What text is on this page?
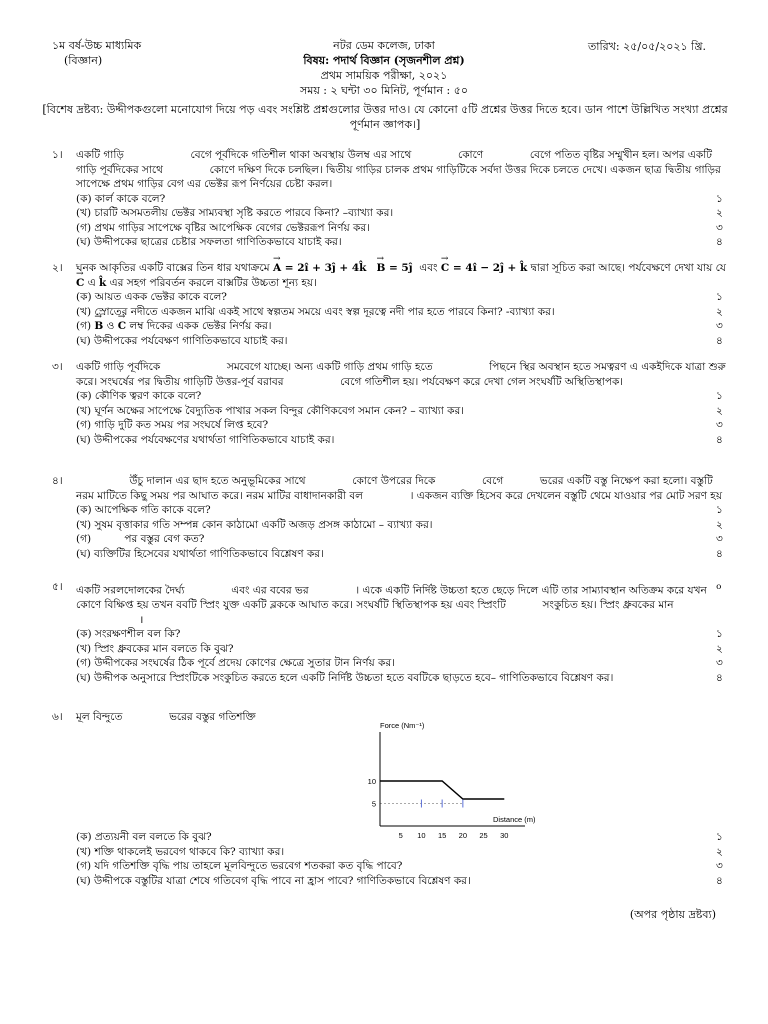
১ম বর্ষ-উচ্চ মাধ্যমিক
(বিজ্ঞান)
নটর ডেম কলেজ, ঢাকা
বিষয়: পদার্থ বিজ্ঞান (সৃজনশীল প্রশ্ন)
প্রথম সাময়িক পরীক্ষা, ২০২১
সময় : ২ ঘন্টা ৩০ মিনিট, পূর্ণমান : ৫০
তারিখ: ২৫/০৫/২০২১ খ্রি.
[বিশেষ দ্রষ্টব্য: উদ্দীপকগুলো মনোযোগ দিয়ে পড় এবং সংশ্লিষ্ট প্রশ্নগুলোর উত্তর দাও। যে কোনো ৫টি প্রশ্নের উত্তর দিতে হবে। ডান পাশে উল্লিখিত সংখ্যা প্রশ্নের পূর্ণমান জ্ঞাপক।]
১।	একটি গাড়ি	বেগে পূর্বদিকে গতিশীল থাকা অবস্থায় উলম্ব এর সাথে	কোণে	বেগে পতিত বৃষ্টির সম্মুখীন হল। অপর একটি গাড়ি পূর্বদিকের সাথে	কোণে দক্ষিণ দিকে চলছিল। দ্বিতীয় গাড়ির চালক প্রথম গাড়িটিকে সর্বদা উত্তর দিকে চলতে দেখে। একজন ছাত্র দ্বিতীয় গাড়ির সাপেক্ষে প্রথম গাড়ির বেগ এর ভেক্টর রূপ নির্ণয়ের চেষ্টা করল।
(ক) কার্ল কাকে বলে?	১
(খ) চারটি অসমতলীয় ভেক্টর সাম্যবস্থা সৃষ্টি করতে পারবে কিনা? –ব্যাখ্যা কর।	২
(গ) প্রথম গাড়ির সাপেক্ষে বৃষ্টির আপেক্ষিক বেগের ভেক্টররূপ নির্ণয় কর।	৩
(ঘ) উদ্দীপকের ছাত্রের চেষ্টার সফলতা গাণিতিকভাবে যাচাই কর।	৪
২।	ঘনক আকৃতির একটি বাক্সের তিন ধার যথাক্রমে → A = 2î + 3ĵ + 4k̂ → B = 5ĵ এবং → C = 4î − 2ĵ + k̂ দ্বারা সূচিত করা আছে। পর্যবেক্ষণে দেখা যায় যে → C এ k̂ এর সহগ পরিবর্তন করলে বাক্সটির উচ্চতা শূন্য হয়।
(ক) আয়ত একক ভেক্টর কাকে বলে?	১
(খ) স্রোতের নদীতে একজন মাঝি একই সাথে স্বল্পতম সময়ে এবং স্বল্প দূরত্বে নদী পার হতে পারবে কিনা? -ব্যাখ্যা কর।	২
(গ) → B ও → C লম্ব দিকের একক ভেক্টর নির্ণয় কর।	৩
(ঘ) উদ্দীপকের পর্যবেক্ষণ গাণিতিকভাবে যাচাই কর।	৪
৩।	একটি গাড়ি পূর্বদিকে	সমবেগে যাচ্ছে। অন্য একটি গাড়ি প্রথম গাড়ি হতে	পিছনে স্থির অবস্থান হতে সমত্বরণ এ একইদিকে যাত্রা শুরু করে। সংঘর্ষের পর দ্বিতীয় গাড়িটি উত্তর-পূর্ব বরাবর	বেগে গতিশীল হয়। পর্যবেক্ষণ করে দেখা গেল সংঘর্ষটি অস্থিতিস্থাপক।
(ক) কৌণিক ত্বরণ কাকে বলে?	১
(খ) ঘূর্ণন অক্ষের সাপেক্ষে বৈদ্যুতিক পাখার সকল বিন্দুর কৌণিকবেগ সমান কেন? – ব্যাখ্যা কর।	২
(গ) গাড়ি দুটি কত সময় পর সংঘর্ষে লিপ্ত হবে?	৩
(ঘ) উদ্দীপকের পর্যবেক্ষণের যথার্থতা গাণিতিকভাবে যাচাই কর।	৪
৪।	উঁচু দালান এর ছাদ হতে অনুভূমিকের সাথে	কোণে উপরের দিকে	বেগে	ভরের একটি বস্তু নিক্ষেপ করা হলো। বস্তুটি নরম মাটিতে কিছু সময় পর আঘাত করে। নরম মাটির বাধাদানকারী বল	। একজন ব্যক্তি হিসেব করে দেখলেন বস্তুটি থেমে যাওয়ার পর মোট সরণ হয়
(ক) আপেক্ষিক গতি কাকে বলে?	১
(খ) সুষম বৃত্তাকার গতি সম্পন্ন কোন কাঠামো একটি অজড় প্রসঙ্গ কাঠামো – ব্যাখ্যা কর।	২
(গ)	পর বস্তুর বেগ কত?	৩
(ঘ) ব্যক্তিটির হিসেবের যথার্থতা গাণিতিকভাবে বিশ্লেষণ কর।	৪
৫।	একটি সরলদোলকের দৈর্ঘ্য	এবং এর ববের ভর	। একে একটি নির্দিষ্ট উচ্চতা হতে ছেড়ে দিলে এটি তার সাম্যাবস্থান অতিক্রম করে যখন $^o$ কোণে বিক্ষিপ্ত হয় তখন ববটি স্প্রিং যুক্ত একটি ব্লককে আঘাত করে। সংঘর্ষটি স্থিতিস্থাপক হয় এবং স্প্রিংটি	সংকুচিত হয়। স্প্রিং ধ্রুবকের মান  ।
(ক) সংরক্ষণশীল বল কি?	১
(খ) স্প্রিং ধ্রুবকের মান বলতে কি বুঝ?	২
(গ) উদ্দীপকের সংঘর্ষের ঠিক পূর্বে প্রদেয় কোণের ক্ষেত্রে সুতার টান নির্ণয় কর।	৩
(ঘ) উদ্দীপক অনুসারে স্প্রিংটিকে সংকুচিত করতে হলে একটি নির্দিষ্ট উচ্চতা হতে ববটিকে ছাড়তে হবে– গাণিতিকভাবে বিশ্লেষণ কর।	৪
৬।	মূল বিন্দুতে	ভরের বস্তুর গতিশক্তি
Force (Nm⁻¹)
Distance (m)
5 10 15 20 25 30
5
10
(ক) প্রত্যয়নী বল বলতে কি বুঝ?	১
(খ) শক্তি থাকলেই ভরবেগ থাকবে কি? ব্যাখ্যা কর।	২
(গ) যদি গতিশক্তি বৃদ্ধি পায় তাহলে মূলবিন্দুতে ভরবেগ শতকরা কত বৃদ্ধি পাবে?	৩
(ঘ) উদ্দীপকে বস্তুটির যাত্রা শেষে গতিবেগ বৃদ্ধি পাবে না হ্রাস পাবে? গাণিতিকভাবে বিশ্লেষণ কর।	৪
(অপর পৃষ্ঠায় দ্রষ্টব্য)
